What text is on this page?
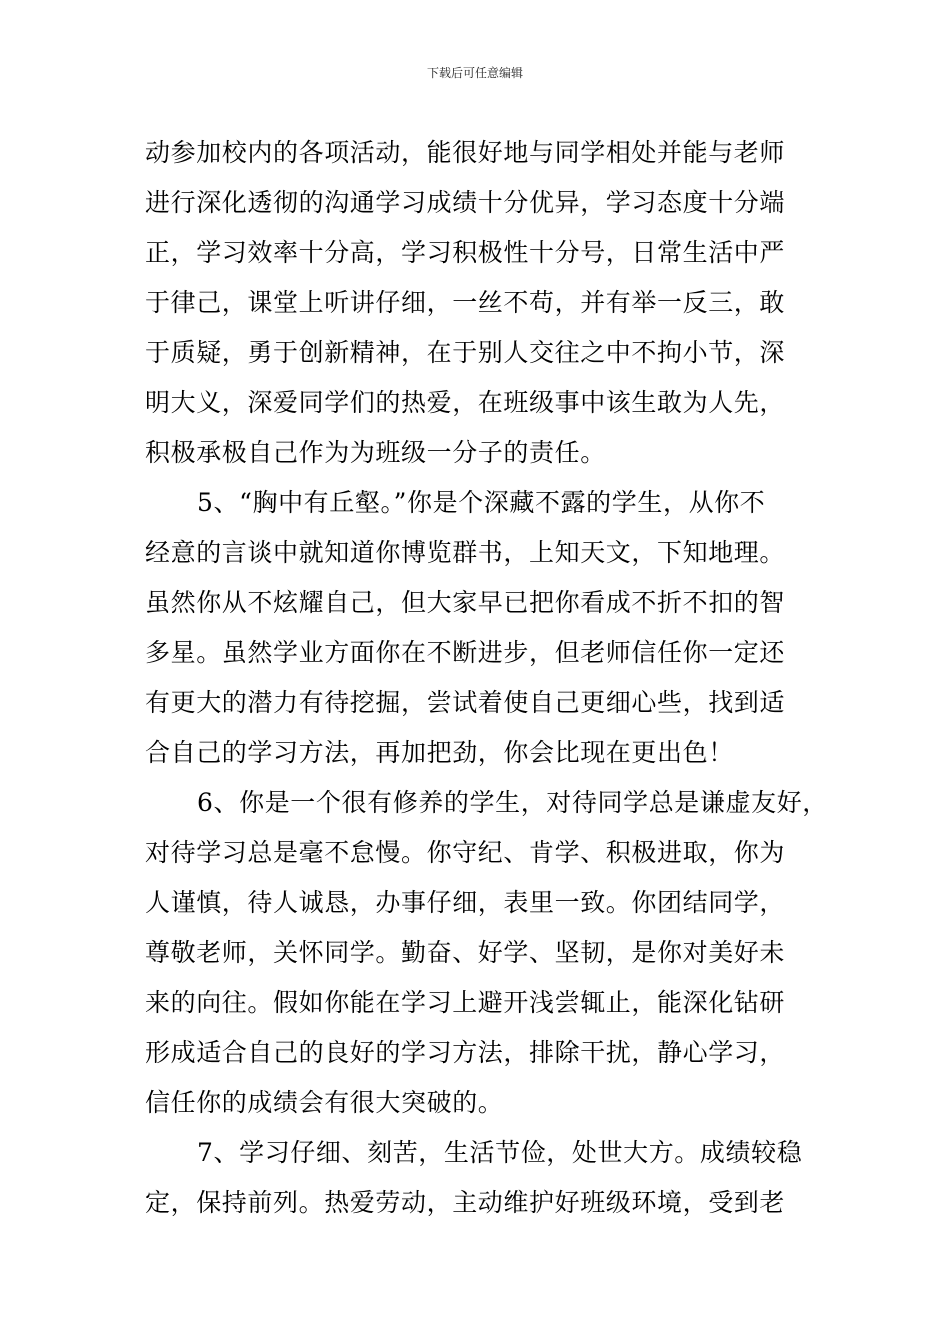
下载后可任意编辑
动参加校内的各项活动，能很好地与同学相处并能与老师
进行深化透彻的沟通学习成绩十分优异，学习态度十分端
正，学习效率十分高，学习积极性十分号，日常生活中严
于律己，课堂上听讲仔细，一丝不苟，并有举一反三，敢
于质疑，勇于创新精神，在于别人交往之中不拘小节，深
明大义，深爱同学们的热爱，在班级事中该生敢为人先，
积极承极自己作为为班级一分子的责任。
5、“胸中有丘壑。”你是个深藏不露的学生，从你不
经意的言谈中就知道你博览群书，上知天文，下知地理。
虽然你从不炫耀自己，但大家早已把你看成不折不扣的智
多星。虽然学业方面你在不断进步，但老师信任你一定还
有更大的潜力有待挖掘，尝试着使自己更细心些，找到适
合自己的学习方法，再加把劲，你会比现在更出色！
6、你是一个很有修养的学生，对待同学总是谦虚友好，
对待学习总是毫不怠慢。你守纪、肯学、积极进取，你为
人谨慎，待人诚恳，办事仔细，表里一致。你团结同学，
尊敬老师，关怀同学。勤奋、好学、坚韧，是你对美好未
来的向往。假如你能在学习上避开浅尝辄止，能深化钻研
形成适合自己的良好的学习方法，排除干扰，静心学习，
信任你的成绩会有很大突破的。
7、学习仔细、刻苦，生活节俭，处世大方。成绩较稳
定，保持前列。热爱劳动，主动维护好班级环境，受到老
